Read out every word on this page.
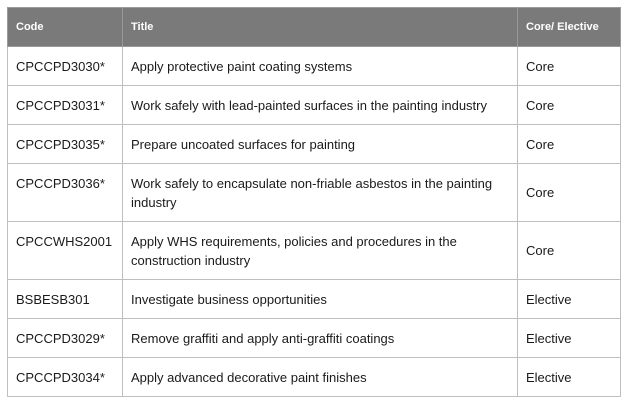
Code	Title	Core/ Elective
CPCCPD3030*	Apply protective paint coating systems	Core
CPCCPD3031*	Work safely with lead-painted surfaces in the painting industry	Core
CPCCPD3035*	Prepare uncoated surfaces for painting	Core
CPCCPD3036*	Work safely to encapsulate non-friable asbestos in the painting industry	Core
CPCCWHS2001	Apply WHS requirements, policies and procedures in the construction industry	Core
BSBESB301	Investigate business opportunities	Elective
CPCCPD3029*	Remove graffiti and apply anti-graffiti coatings	Elective
CPCCPD3034*	Apply advanced decorative paint finishes	Elective
